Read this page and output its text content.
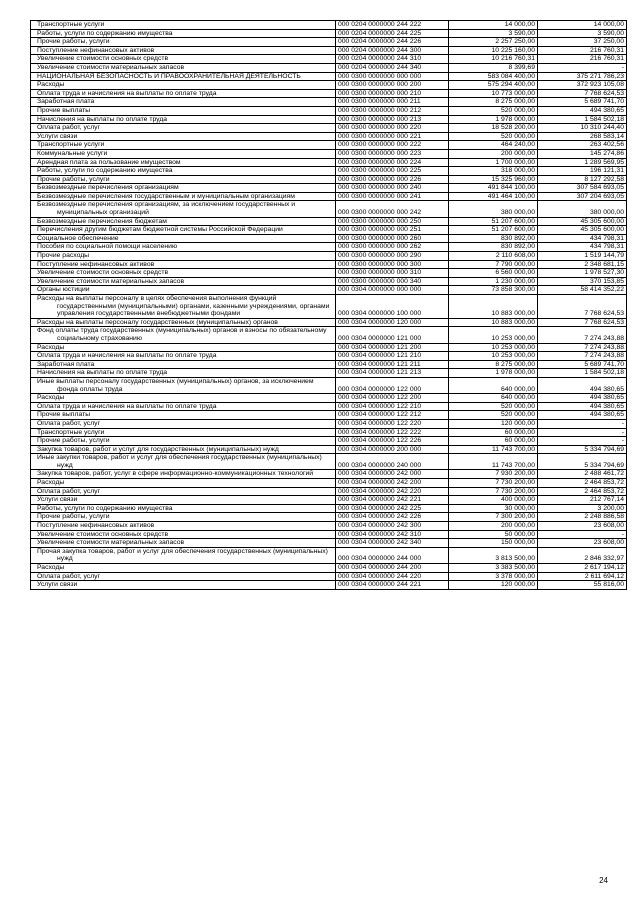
Транспортные услуги	000 0204 0000000 244 222	14 000,00	14 000,00
Работы, услуги по содержанию имущества	000 0204 0000000 244 225	3 590,00	3 590,00
Прочие работы, услуги	000 0204 0000000 244 226	2 257 250,00	37 250,00
Поступление нефинансовых активов	000 0204 0000000 244 300	10 225 160,00	216 760,31
Увеличение стоимости основных средств	000 0204 0000000 244 310	10 216 760,31	216 760,31
Увеличение стоимости материальных запасов	000 0204 0000000 244 340	8 399,69	-
НАЦИОНАЛЬНАЯ БЕЗОПАСНОСТЬ И ПРАВООХРАНИТЕЛЬНАЯ ДЕЯТЕЛЬНОСТЬ	000 0300 0000000 000 000	583 084 400,00	375 271 786,23
Расходы	000 0300 0000000 000 200	575 294 400,00	372 923 105,08
Оплата труда и начисления на выплаты по оплате труда	000 0300 0000000 000 210	10 773 000,00	7 768 624,53
Заработная плата	000 0300 0000000 000 211	8 275 000,00	5 689 741,70
Прочие выплаты	000 0300 0000000 000 212	520 000,00	494 380,65
Начисления на выплаты по оплате труда	000 0300 0000000 000 213	1 978 000,00	1 584 502,18
Оплата работ, услуг	000 0300 0000000 000 220	18 528 200,00	10 310 244,40
Услуги связи	000 0300 0000000 000 221	520 000,00	268 583,14
Транспортные услуги	000 0300 0000000 000 222	464 240,00	263 402,56
Коммунальные услуги	000 0300 0000000 000 223	200 000,00	145 274,86
Арендная плата за пользование имуществом	000 0300 0000000 000 224	1 700 000,00	1 289 569,95
Работы, услуги по содержанию имущества	000 0300 0000000 000 225	318 000,00	196 121,31
Прочие работы, услуги	000 0300 0000000 000 226	15 325 960,00	8 127 292,58
Безвозмездные перечисления организациям	000 0300 0000000 000 240	491 844 100,00	307 584 693,05
Безвозмездные перечисления государственным и муниципальным организациям	000 0300 0000000 000 241	491 464 100,00	307 204 693,05
Безвозмездные перечисления организациям, за исключением государственных и муниципальных организаций	000 0300 0000000 000 242	380 000,00	380 000,00
Безвозмездные перечисления бюджетам	000 0300 0000000 000 250	51 207 600,00	45 305 600,00
Перечисления другим бюджетам бюджетной системы Российской Федерации	000 0300 0000000 000 251	51 207 600,00	45 305 600,00
Социальное обеспечение	000 0300 0000000 000 260	830 892,00	434 798,31
Пособия по социальной помощи населению	000 0300 0000000 000 262	830 892,00	434 798,31
Прочие расходы	000 0300 0000000 000 290	2 110 608,00	1 519 144,79
Поступление нефинансовых активов	000 0300 0000000 000 300	7 790 000,00	2 348 681,15
Увеличение стоимости основных средств	000 0300 0000000 000 310	6 560 000,00	1 978 527,30
Увеличение стоимости материальных запасов	000 0300 0000000 000 340	1 230 000,00	370 153,85
Органы юстиции	000 0304 0000000 000 000	73 858 300,00	58 414 352,22
Расходы на выплаты персоналу в целях обеспечения выполнения функций государственными (муниципальными) органами, казенными учреждениями, органами управления государственными внебюджетными фондами	000 0304 0000000 100 000	10 883 000,00	7 768 624,53
Расходы на выплаты персоналу государственных (муниципальных) органов	000 0304 0000000 120 000	10 883 000,00	7 768 624,53
Фонд оплаты труда государственных (муниципальных) органов и взносы по обязательному социальному страхованию	000 0304 0000000 121 000	10 253 000,00	7 274 243,88
Расходы	000 0304 0000000 121 200	10 253 000,00	7 274 243,88
Оплата труда и начисления на выплаты по оплате труда	000 0304 0000000 121 210	10 253 000,00	7 274 243,88
Заработная плата	000 0304 0000000 121 211	8 275 000,00	5 689 741,70
Начисления на выплаты по оплате труда	000 0304 0000000 121 213	1 978 000,00	1 584 502,18
Иные выплаты персоналу государственных (муниципальных) органов, за исключением фонда оплаты труда	000 0304 0000000 122 000	640 000,00	494 380,65
Расходы	000 0304 0000000 122 200	640 000,00	494 380,65
Оплата труда и начисления на выплаты по оплате труда	000 0304 0000000 122 210	520 000,00	494 380,65
Прочие выплаты	000 0304 0000000 122 212	520 000,00	494 380,65
Оплата работ, услуг	000 0304 0000000 122 220	120 000,00	-
Транспортные услуги	000 0304 0000000 122 222	60 000,00	-
Прочие работы, услуги	000 0304 0000000 122 226	60 000,00	-
Закупка товаров, работ и услуг для государственных (муниципальных) нужд	000 0304 0000000 200 000	11 743 700,00	5 334 794,69
Иные закупки товаров, работ и услуг для обеспечения государственных (муниципальных) нужд	000 0304 0000000 240 000	11 743 700,00	5 334 794,69
Закупка товаров, работ, услуг в сфере информационно-коммуникационных технологий	000 0304 0000000 242 000	7 930 200,00	2 488 461,72
Расходы	000 0304 0000000 242 200	7 730 200,00	2 464 853,72
Оплата работ, услуг	000 0304 0000000 242 220	7 730 200,00	2 464 853,72
Услуги связи	000 0304 0000000 242 221	400 000,00	212 767,14
Работы, услуги по содержанию имущества	000 0304 0000000 242 225	30 000,00	3 200,00
Прочие работы, услуги	000 0304 0000000 242 226	7 300 200,00	2 248 886,58
Поступление нефинансовых активов	000 0304 0000000 242 300	200 000,00	23 608,00
Увеличение стоимости основных средств	000 0304 0000000 242 310	50 000,00	-
Увеличение стоимости материальных запасов	000 0304 0000000 242 340	150 000,00	23 608,00
Прочая закупка товаров, работ и услуг для обеспечения государственных (муниципальных) нужд	000 0304 0000000 244 000	3 813 500,00	2 846 332,97
Расходы	000 0304 0000000 244 200	3 383 500,00	2 617 194,12
Оплата работ, услуг	000 0304 0000000 244 220	3 378 000,00	2 611 694,12
Услуги связи	000 0304 0000000 244 221	120 000,00	55 816,00
24
